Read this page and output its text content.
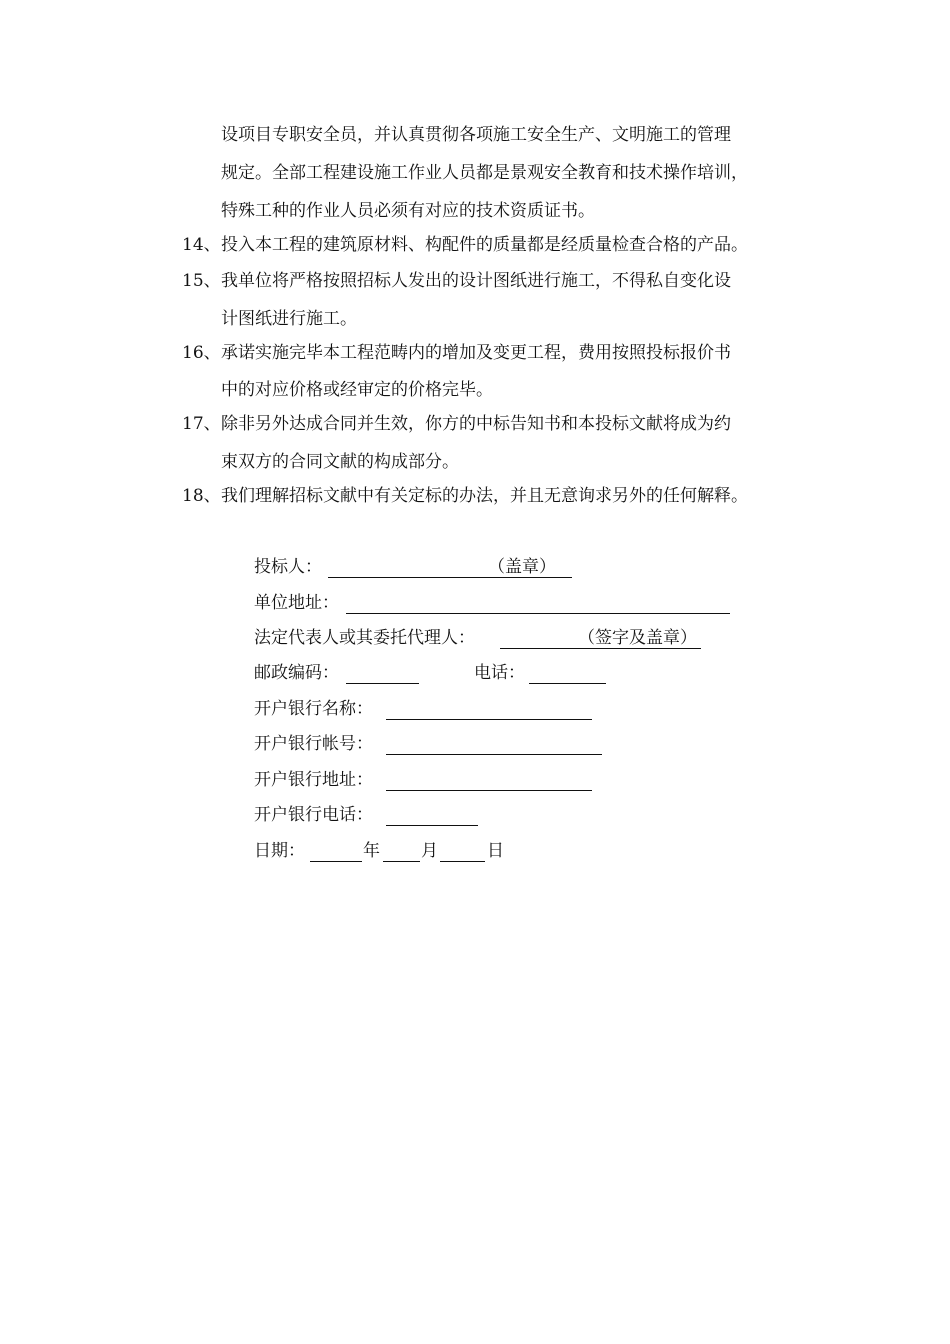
设项目专职安全员，并认真贯彻各项施工安全生产、文明施工的管理
规定。全部工程建设施工作业人员都是景观安全教育和技术操作培训，
特殊工种的作业人员必须有对应的技术资质证书。
14、 投入本工程的建筑原材料、构配件的质量都是经质量检查合格的产品。
15、 我单位将严格按照招标人发出的设计图纸进行施工，不得私自变化设
计图纸进行施工。
16、 承诺实施完毕本工程范畴内的增加及变更工程，费用按照投标报价书
中的对应价格或经审定的价格完毕。
17、 除非另外达成合同并生效，你方的中标告知书和本投标文献将成为约
束双方的合同文献的构成部分。
18、 我们理解招标文献中有关定标的办法，并且无意询求另外的任何解释。
投标人：	（盖章）
单位地址：
法定代表人或其委托代理人：	（签字及盖章）
邮政编码：	电话：
开户银行名称：
开户银行帐号：
开户银行地址：
开户银行电话：
日期：	年 月	日
